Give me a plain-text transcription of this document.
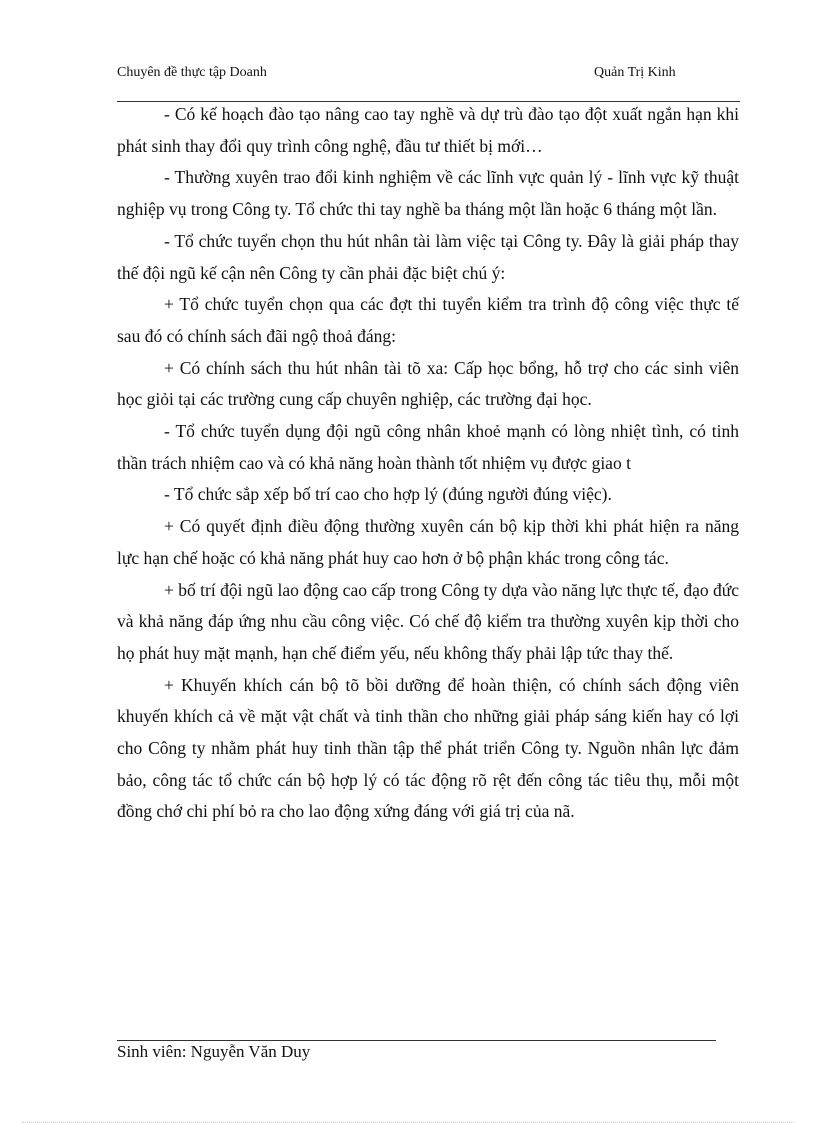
Chuyên đề thực tập Doanh	Quản Trị Kinh

- Có kế hoạch đào tạo nâng cao tay nghề và dự trù đào tạo đột xuất ngắn hạn khi phát sinh thay đổi quy trình công nghệ, đầu tư thiết bị mới…

- Thường xuyên trao đổi kinh nghiệm về các lĩnh vực quản lý - lĩnh vực kỹ thuật nghiệp vụ trong Công ty. Tổ chức thi tay nghề ba tháng một lần hoặc 6 tháng một lần.

- Tổ chức tuyển chọn thu hút nhân tài làm việc tại Công ty. Đây là giải pháp thay thế đội ngũ kế cận nên Công ty cần phải đặc biệt chú ý:

+ Tổ chức tuyển chọn qua các đợt thi tuyển kiểm tra trình độ công việc thực tế sau đó có chính sách đãi ngộ thoả đáng:

+ Có chính sách thu hút nhân tài tõ xa: Cấp học bổng, hỗ trợ cho các sinh viên học giỏi tại các trường cung cấp chuyên nghiệp, các trường đại học.

- Tổ chức tuyển dụng đội ngũ công nhân khoẻ mạnh có lòng nhiệt tình, có tinh thần trách nhiệm cao và có khả năng hoàn thành tốt nhiệm vụ được giao t

- Tổ chức sắp xếp bố trí cao cho hợp lý (đúng người đúng việc).

+ Có quyết định điều động thường xuyên cán bộ kịp thời khi phát hiện ra năng lực hạn chế hoặc có khả năng phát huy cao hơn ở bộ phận khác trong công tác.

+ bố trí đội ngũ lao động cao cấp trong Công ty dựa vào năng lực thực tế, đạo đức và khả năng đáp ứng nhu cầu công việc. Có chế độ kiểm tra thường xuyên kịp thời cho họ phát huy mặt mạnh, hạn chế điểm yếu, nếu không thấy phải lập tức thay thế.

+ Khuyến khích cán bộ tõ bồi dưỡng để hoàn thiện, có chính sách động viên khuyến khích cả về mặt vật chất và tinh thần cho những giải pháp sáng kiến hay có lợi cho Công ty nhằm phát huy tinh thần tập thể phát triển Công ty. Nguồn nhân lực đảm bảo, công tác tổ chức cán bộ hợp lý có tác động rõ rệt đến công tác tiêu thụ, mỗi một đồng chớ chi phí bỏ ra cho lao động xứng đáng với giá trị của nã.

Sinh viên: Nguyễn Văn Duy
